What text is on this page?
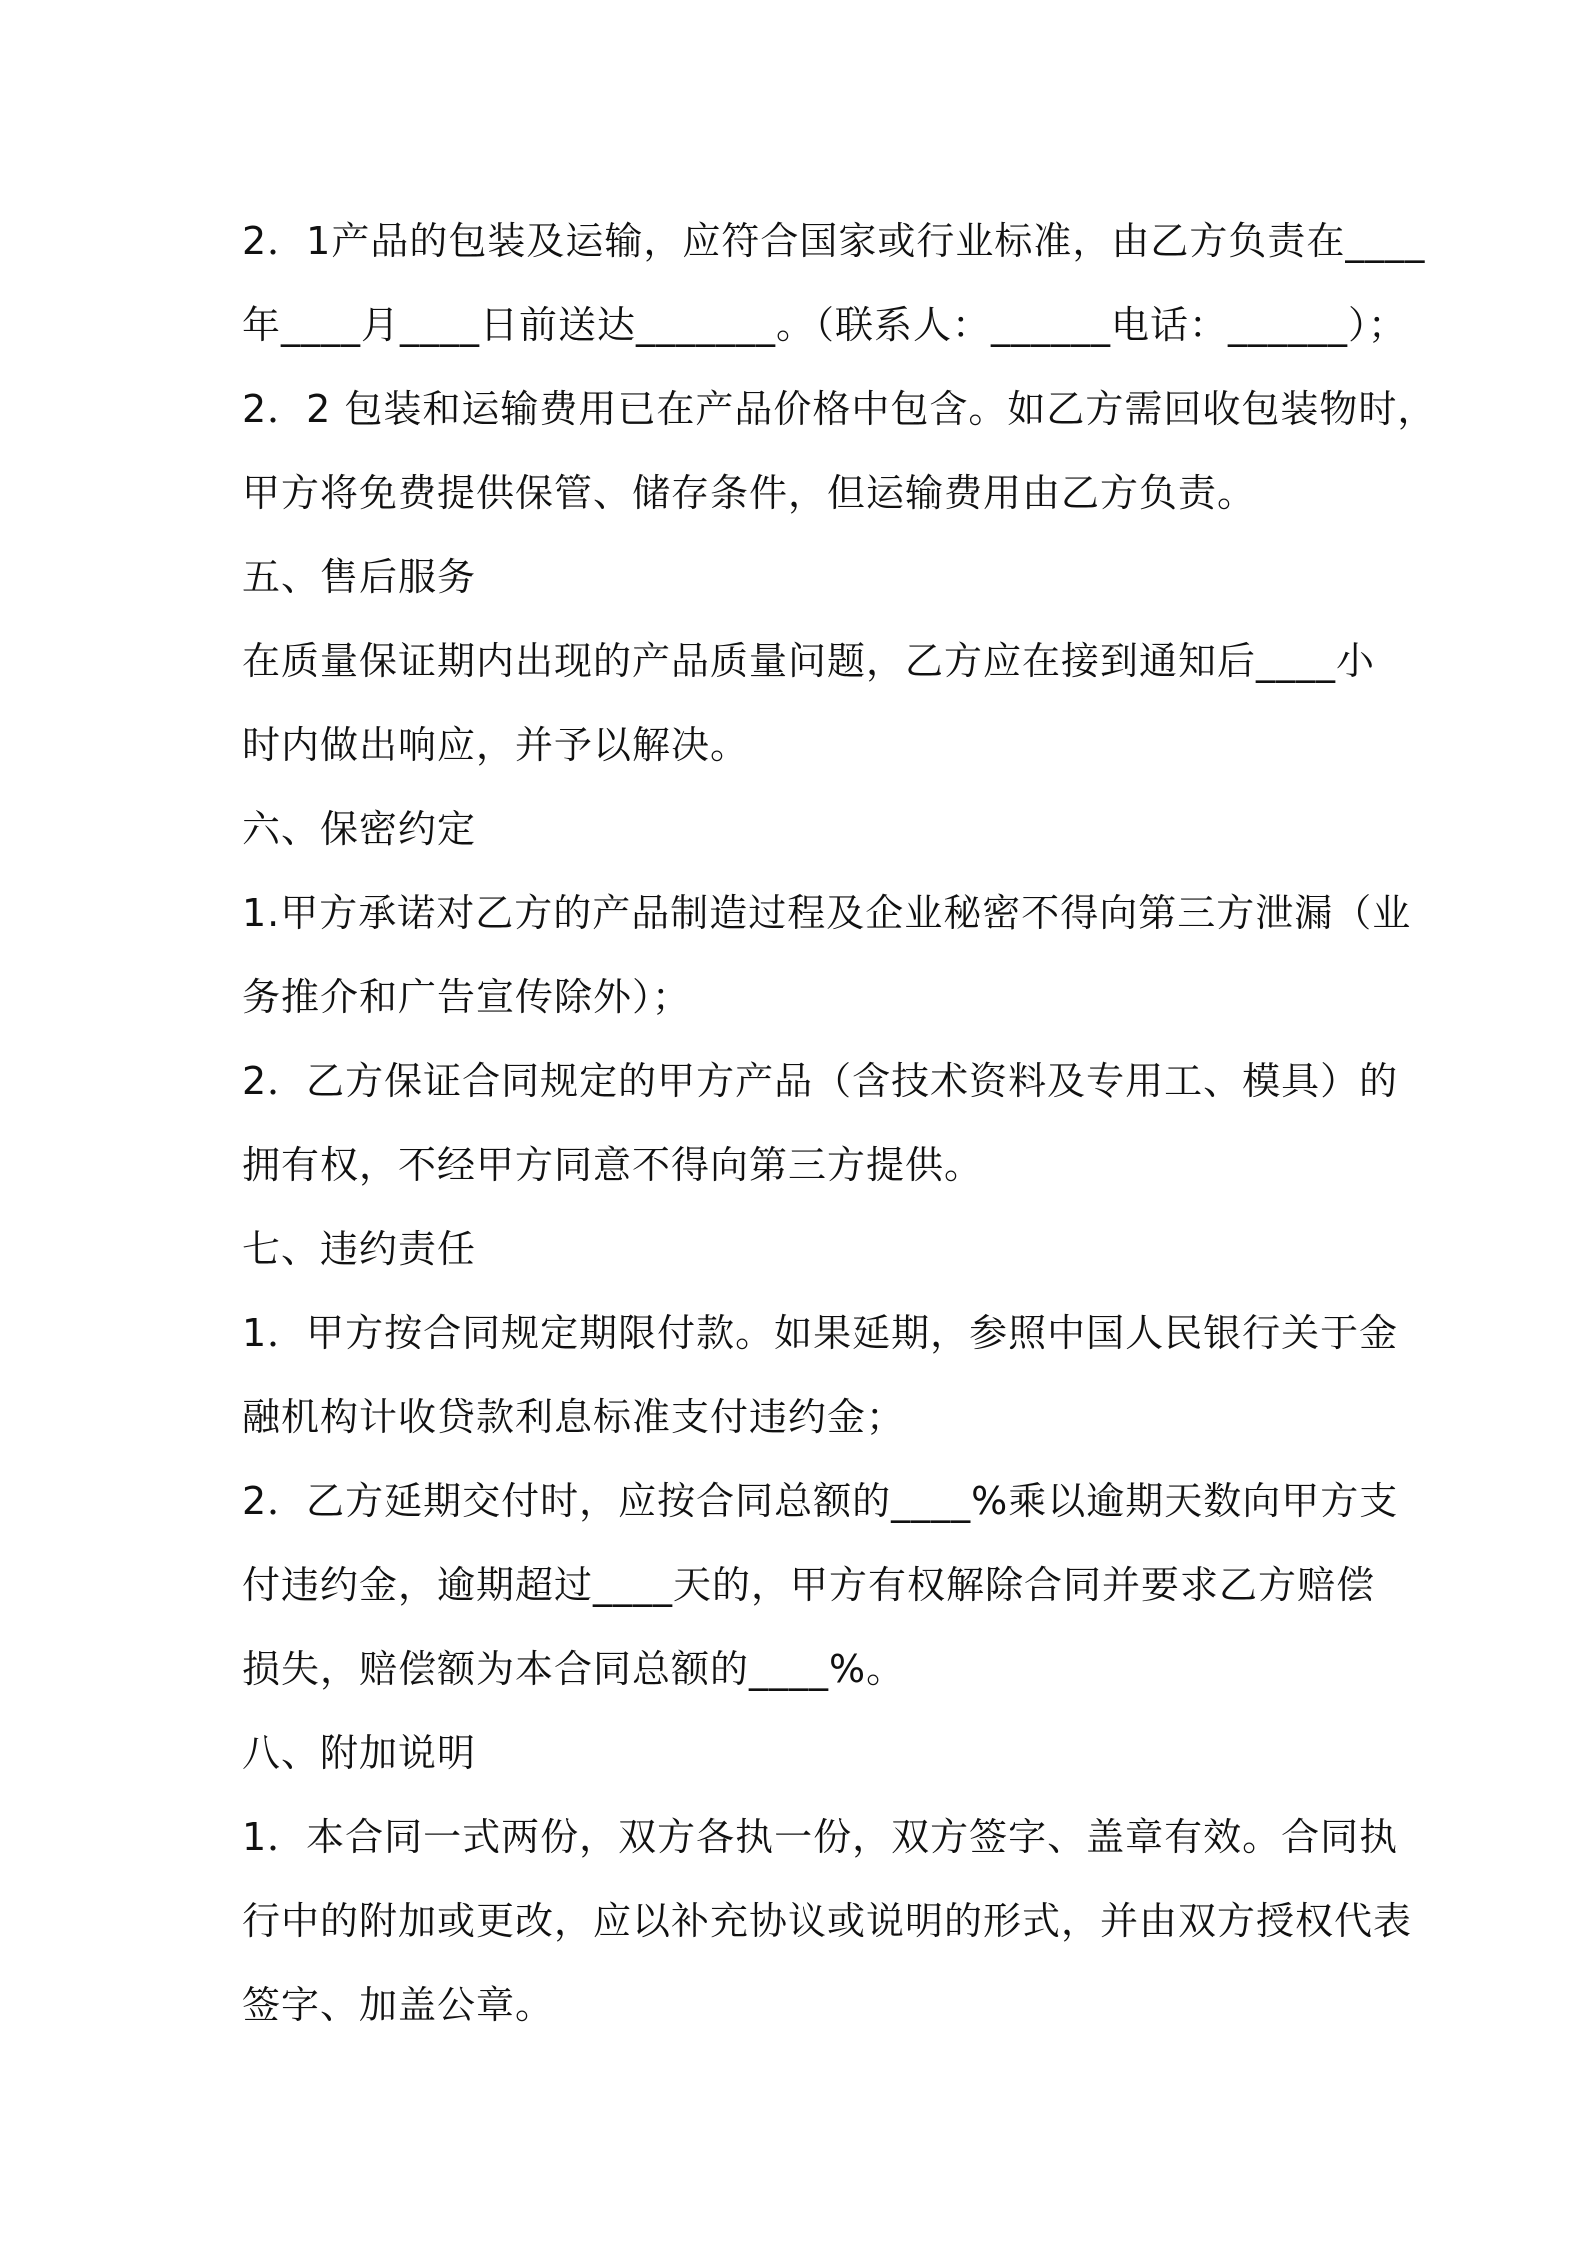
2．1产品的包装及运输，应符合国家或行业标准，由乙方负责在____
年____月____日前送达_______。（联系人：______电话：______）；
2．2 包装和运输费用已在产品价格中包含。如乙方需回收包装物时，
甲方将免费提供保管、储存条件，但运输费用由乙方负责。
五、售后服务
在质量保证期内出现的产品质量问题，乙方应在接到通知后____小
时内做出响应，并予以解决。
六、保密约定
1.甲方承诺对乙方的产品制造过程及企业秘密不得向第三方泄漏（业
务推介和广告宣传除外）；
2．乙方保证合同规定的甲方产品（含技术资料及专用工、模具）的
拥有权，不经甲方同意不得向第三方提供。
七、违约责任
1．甲方按合同规定期限付款。如果延期，参照中国人民银行关于金
融机构计收贷款利息标准支付违约金；
2．乙方延期交付时，应按合同总额的____%乘以逾期天数向甲方支
付违约金，逾期超过____天的，甲方有权解除合同并要求乙方赔偿
损失，赔偿额为本合同总额的____%。
八、附加说明
1．本合同一式两份，双方各执一份，双方签字、盖章有效。合同执
行中的附加或更改，应以补充协议或说明的形式，并由双方授权代表
签字、加盖公章。
